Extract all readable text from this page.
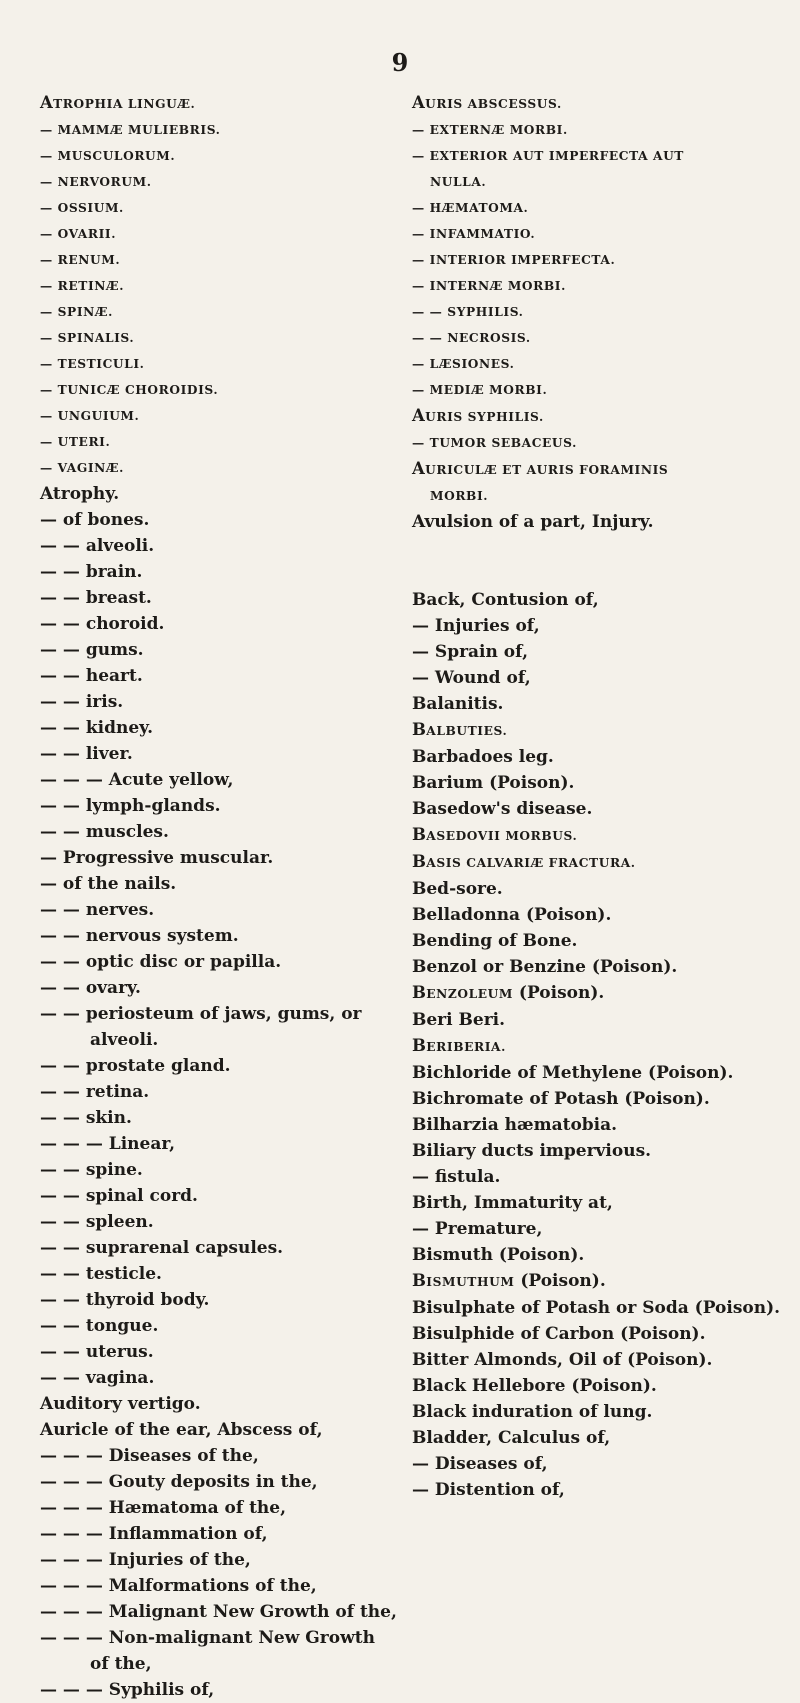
9
ATROPHIA LINGUÆ.
— MAMMÆ MULIEBRIS.
— MUSCULORUM.
— NERVORUM.
— OSSIUM.
— OVARII.
— RENUM.
— RETINÆ.
— SPINÆ.
— SPINALIS.
— TESTICULI.
— TUNICÆ CHOROIDIS.
— UNGUIUM.
— UTERI.
— VAGINÆ.
Atrophy.
— of bones.
— — alveoli.
— — brain.
— — breast.
— — choroid.
— — gums.
— — heart.
— — iris.
— — kidney.
— — liver.
— — — Acute yellow,
— — lymph-glands.
— — muscles.
— Progressive muscular.
— of the nails.
— — nerves.
— — nervous system.
— — optic disc or papilla.
— — ovary.
— — periosteum of jaws, gums, or
alveoli.
— — prostate gland.
— — retina.
— — skin.
— — — Linear,
— — spine.
— — spinal cord.
— — spleen.
— — suprarenal capsules.
— — testicle.
— — thyroid body.
— — tongue.
— — uterus.
— — vagina.
Auditory vertigo.
Auricle of the ear, Abscess of,
— — — Diseases of the,
— — — Gouty deposits in the,
— — — Hæmatoma of the,
— — — Inflammation of,
— — — Injuries of the,
— — — Malformations of the,
— — — Malignant New Growth of the,
— — — Non-malignant New Growth
of the,
— — — Syphilis of,
AURIS ABSCESSUS.
— EXTERNÆ MORBI.
— EXTERIOR AUT IMPERFECTA AUT
NULLA.
— HÆMATOMA.
— INFAMMATIO.
— INTERIOR IMPERFECTA.
— INTERNÆ MORBI.
— — SYPHILIS.
— — NECROSIS.
— LÆSIONES.
— MEDIÆ MORBI.
AURIS SYPHILIS.
— TUMOR SEBACEUS.
AURICULÆ ET AURIS FORAMINIS
MORBI.
Avulsion of a part, Injury.
Back, Contusion of,
— Injuries of,
— Sprain of,
— Wound of,
Balanitis.
BALBUTIES.
Barbadoes leg.
Barium (Poison).
Basedow's disease.
BASEDOVII MORBUS.
BASIS CALVARIÆ FRACTURA.
Bed-sore.
Belladonna (Poison).
Bending of Bone.
Benzol or Benzine (Poison).
BENZOLEUM (Poison).
Beri Beri.
BERIBERIA.
Bichloride of Methylene (Poison).
Bichromate of Potash (Poison).
Bilharzia hæmatobia.
Biliary ducts impervious.
— fistula.
Birth, Immaturity at,
— Premature,
Bismuth (Poison).
BISMUTHUM (Poison).
Bisulphate of Potash or Soda (Poison).
Bisulphide of Carbon (Poison).
Bitter Almonds, Oil of (Poison).
Black Hellebore (Poison).
Black induration of lung.
Bladder, Calculus of,
— Diseases of,
— Distention of,
